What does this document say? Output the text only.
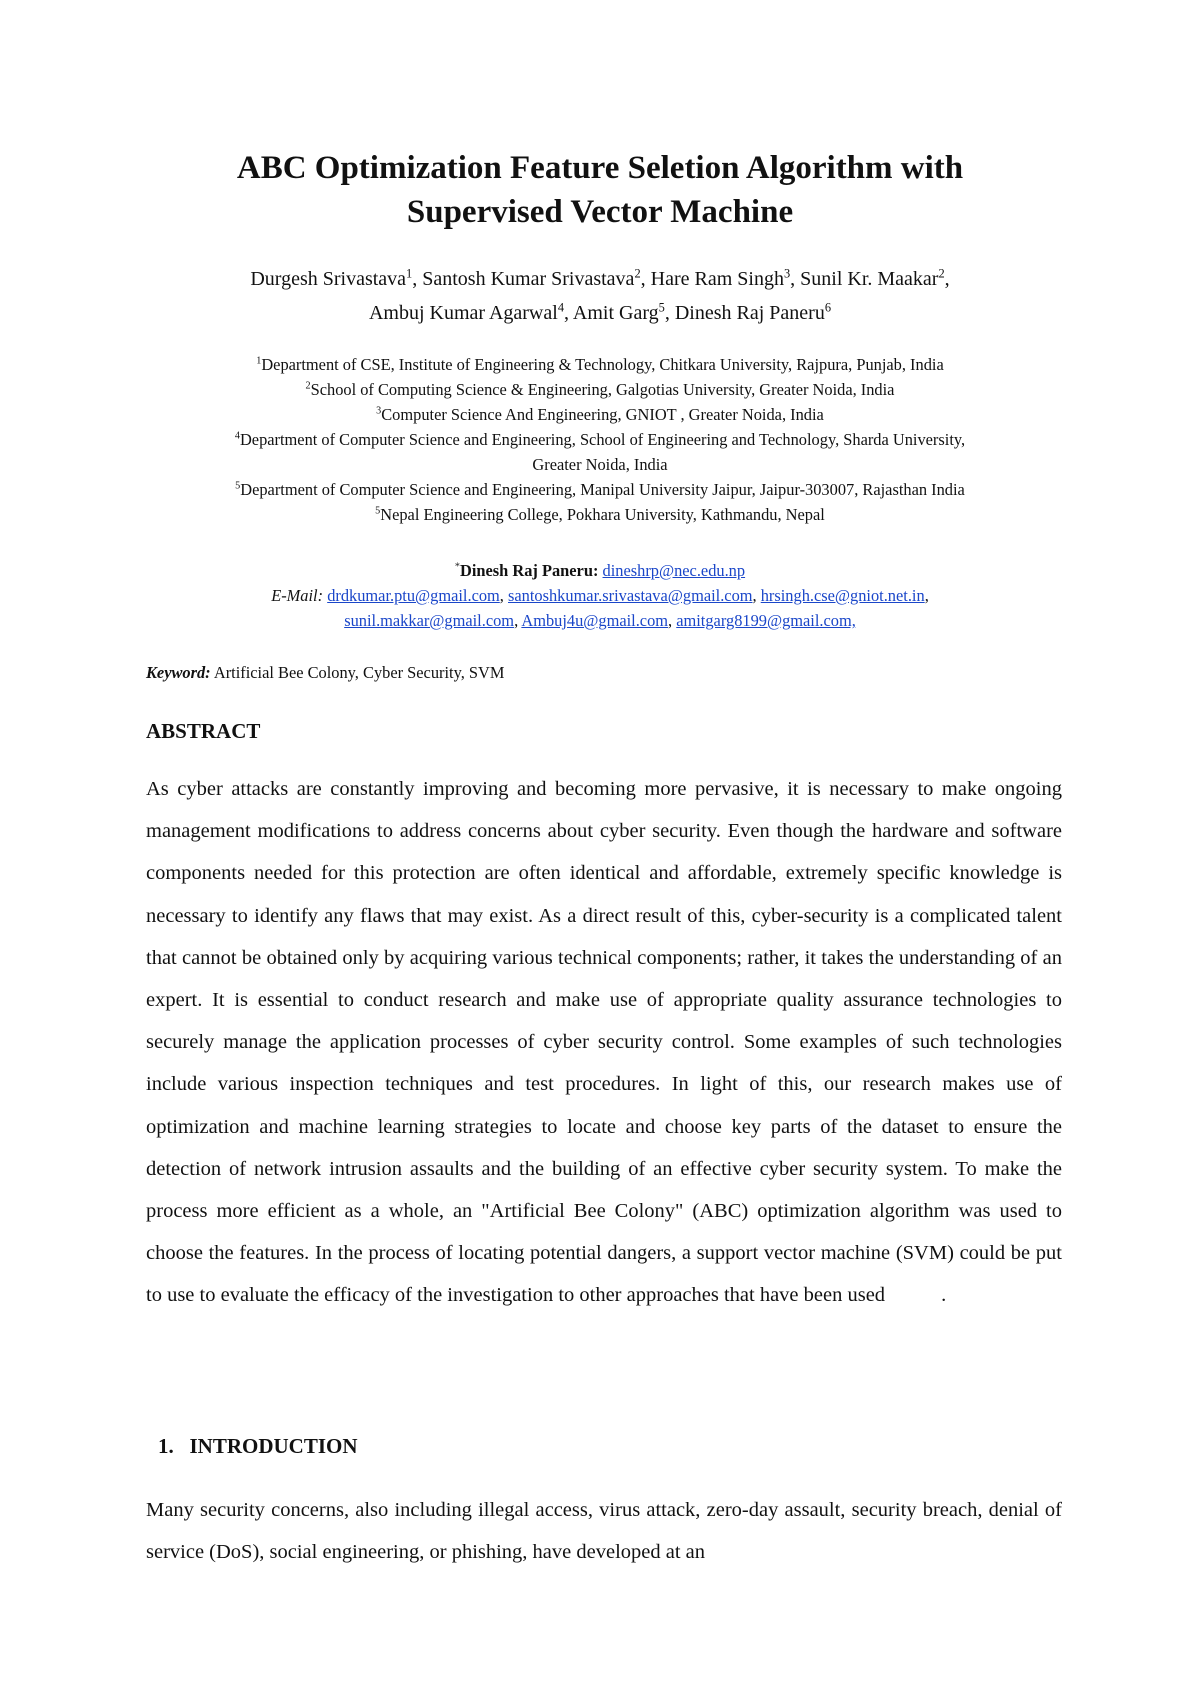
ABC Optimization Feature Seletion Algorithm with
Supervised Vector Machine
Durgesh Srivastava$^1$, Santosh Kumar Srivastava$^2$, Hare Ram Singh$^3$, Sunil Kr. Maakar$^2$,
Ambuj Kumar Agarwal$^4$, Amit Garg$^5$, Dinesh Raj Paneru$^6$
$^1$Department of CSE, Institute of Engineering & Technology, Chitkara University, Rajpura, Punjab, India
$^2$School of Computing Science & Engineering, Galgotias University, Greater Noida, India
$^3$Computer Science And Engineering, GNIOT , Greater Noida, India
$^4$Department of Computer Science and Engineering, School of Engineering and Technology, Sharda University,
Greater Noida, India
$^5$Department of Computer Science and Engineering, Manipal University Jaipur, Jaipur-303007, Rajasthan India
$^5$Nepal Engineering College, Pokhara University, Kathmandu, Nepal
*Dinesh Raj Paneru: dineshrp@nec.edu.np
E-Mail: drdkumar.ptu@gmail.com, santoshkumar.srivastava@gmail.com, hrsingh.cse@gniot.net.in,
sunil.makkar@gmail.com, Ambuj4u@gmail.com, amitgarg8199@gmail.com,
Keyword: Artificial Bee Colony, Cyber Security, SVM
ABSTRACT
As cyber attacks are constantly improving and becoming more pervasive, it is necessary to make ongoing management modifications to address concerns about cyber security. Even though the hardware and software components needed for this protection are often identical and affordable, extremely specific knowledge is necessary to identify any flaws that may exist. As a direct result of this, cyber-security is a complicated talent that cannot be obtained only by acquiring various technical components; rather, it takes the understanding of an expert. It is essential to conduct research and make use of appropriate quality assurance technologies to securely manage the application processes of cyber security control. Some examples of such technologies include various inspection techniques and test procedures. In light of this, our research makes use of optimization and machine learning strategies to locate and choose key parts of the dataset to ensure the detection of network intrusion assaults and the building of an effective cyber security system. To make the process more efficient as a whole, an "Artificial Bee Colony" (ABC) optimization algorithm was used to choose the features. In the process of locating potential dangers, a support vector machine (SVM) could be put to use to evaluate the efficacy of the investigation to other approaches that have been used	.
1.   INTRODUCTION
Many security concerns, also including illegal access, virus attack, zero-day assault, security breach, denial of service (DoS), social engineering, or phishing, have developed at an
